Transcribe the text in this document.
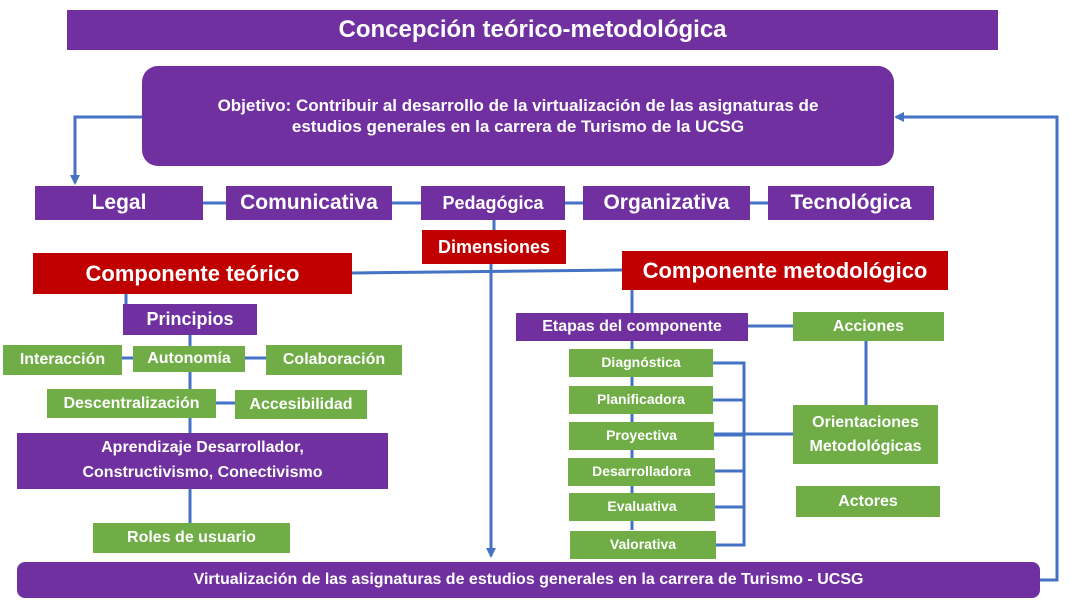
Concepción teórico-metodológica
Objetivo: Contribuir al desarrollo de la virtualización de las asignaturas de estudios generales en la carrera de Turismo de la UCSG
Legal	Comunicativa	Pedagógica	Organizativa	Tecnológica
Dimensiones
Componente teórico	Componente metodológico
Principios
Interacción	Autonomía	Colaboración
Descentralización	Accesibilidad
Aprendizaje Desarrollador, Constructivismo, Conectivismo
Roles de usuario
Etapas del componente	Acciones
Diagnóstica
Planificadora
Proyectiva
Desarrolladora
Evaluativa
Valorativa
Orientaciones Metodológicas
Actores
Virtualización de las asignaturas de estudios generales en la carrera de Turismo - UCSG
